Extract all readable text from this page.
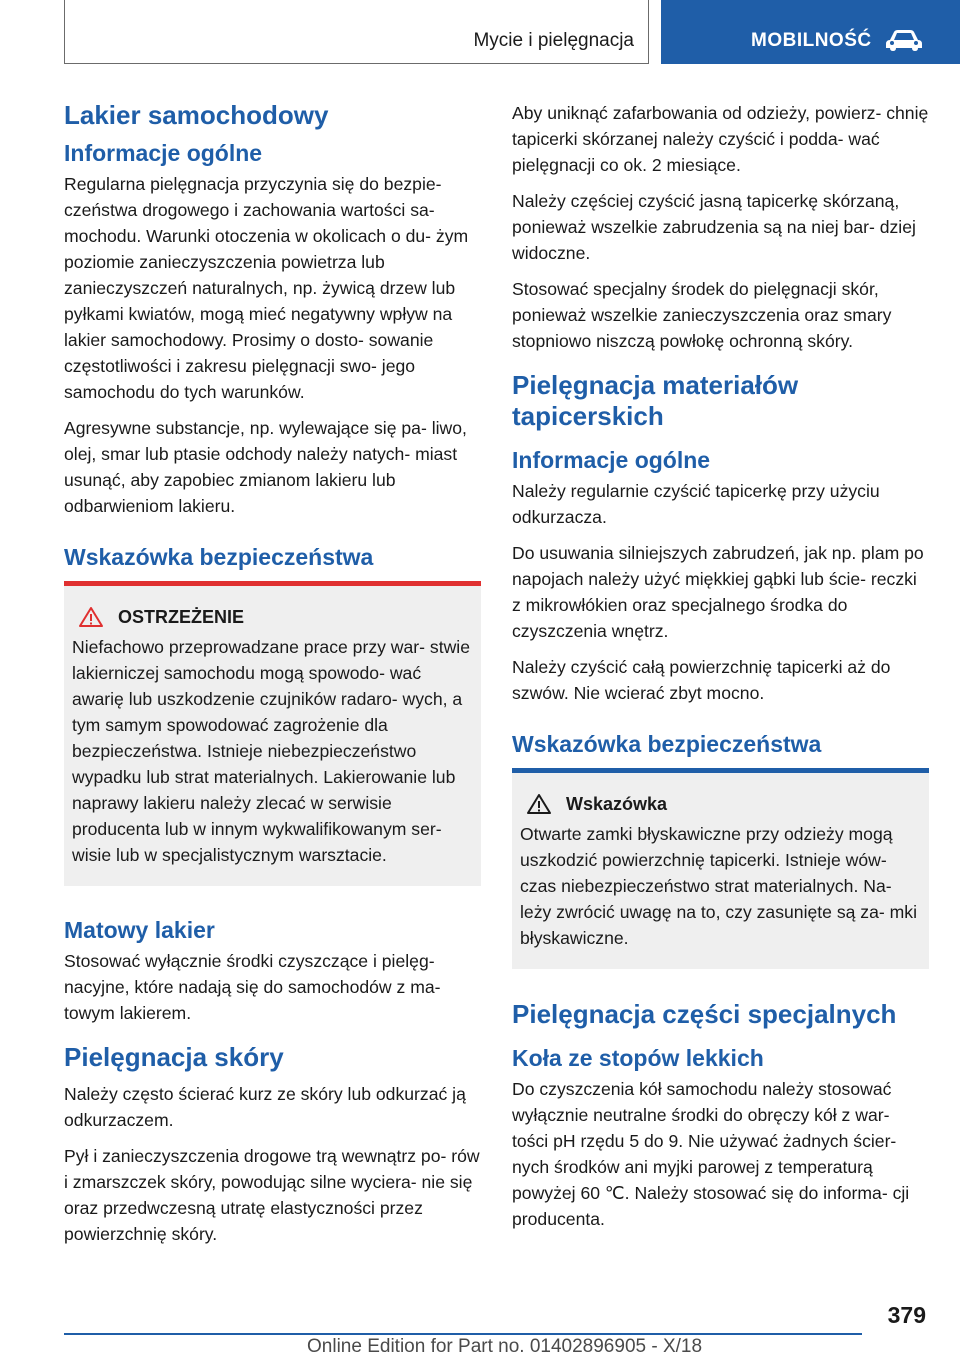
Mycie i pielęgnacja	MOBILNOŚĆ
Lakier samochodowy
Informacje ogólne

Regularna pielęgnacja przyczynia się do bezpie- czeństwa drogowego i zachowania wartości sa- mochodu. Warunki otoczenia w okolicach o du- żym poziomie zanieczyszczenia powietrza lub zanieczyszczeń naturalnych, np. żywicą drzew lub pyłkami kwiatów, mogą mieć negatywny wpływ na lakier samochodowy. Prosimy o dosto- sowanie częstotliwości i zakresu pielęgnacji swo- jego samochodu do tych warunków.

Agresywne substancje, np. wylewające się pa- liwo, olej, smar lub ptasie odchody należy natych- miast usunąć, aby zapobiec zmianom lakieru lub odbarwieniom lakieru.

Wskazówka bezpieczeństwa
OSTRZEŻENIE

Niefachowo przeprowadzane prace przy war- stwie lakierniczej samochodu mogą spowodo- wać awarię lub uszkodzenie czujników radaro- wych, a tym samym spowodować zagrożenie dla bezpieczeństwa. Istnieje niebezpieczeństwo wypadku lub strat materialnych. Lakierowanie lub naprawy lakieru należy zlecać w serwisie producenta lub w innym wykwalifikowanym ser- wisie lub w specjalistycznym warsztacie.

Matowy lakier

Stosować wyłącznie środki czyszczące i pielęg- nacyjne, które nadają się do samochodów z ma- towym lakierem.

Pielęgnacja skóry

Należy często ścierać kurz ze skóry lub odkurzać ją odkurzaczem.

Pył i zanieczyszczenia drogowe trą wewnątrz po- rów i zmarszczek skóry, powodując silne wyciera- nie się oraz przedwczesną utratę elastyczności przez powierzchnię skóry.

Aby uniknąć zafarbowania od odzieży, powierz- chnię tapicerki skórzanej należy czyścić i podda- wać pielęgnacji co ok. 2 miesiące.

Należy częściej czyścić jasną tapicerkę skórzaną, ponieważ wszelkie zabrudzenia są na niej bar- dziej widoczne.

Stosować specjalny środek do pielęgnacji skór, ponieważ wszelkie zanieczyszczenia oraz smary stopniowo niszczą powłokę ochronną skóry.

Pielęgnacja materiałów tapicerskich
Informacje ogólne

Należy regularnie czyścić tapicerkę przy użyciu odkurzacza.

Do usuwania silniejszych zabrudzeń, jak np. plam po napojach należy użyć miękkiej gąbki lub ście- reczki z mikrowłókien oraz specjalnego środka do czyszczenia wnętrz.

Należy czyścić całą powierzchnię tapicerki aż do szwów. Nie wcierać zbyt mocno.

Wskazówka bezpieczeństwa
Wskazówka

Otwarte zamki błyskawiczne przy odzieży mogą uszkodzić powierzchnię tapicerki. Istnieje wów- czas niebezpieczeństwo strat materialnych. Na- leży zwrócić uwagę na to, czy zasunięte są za- mki błyskawiczne.

Pielęgnacja części specjalnych
Koła ze stopów lekkich

Do czyszczenia kół samochodu należy stosować wyłącznie neutralne środki do obręczy kół z war- tości pH rzędu 5 do 9. Nie używać żadnych ścier- nych środków ani myjki parowej z temperaturą powyżej 60 ℃. Należy stosować się do informa- cji producenta.

379
Online Edition for Part no. 01402896905 - X/18
